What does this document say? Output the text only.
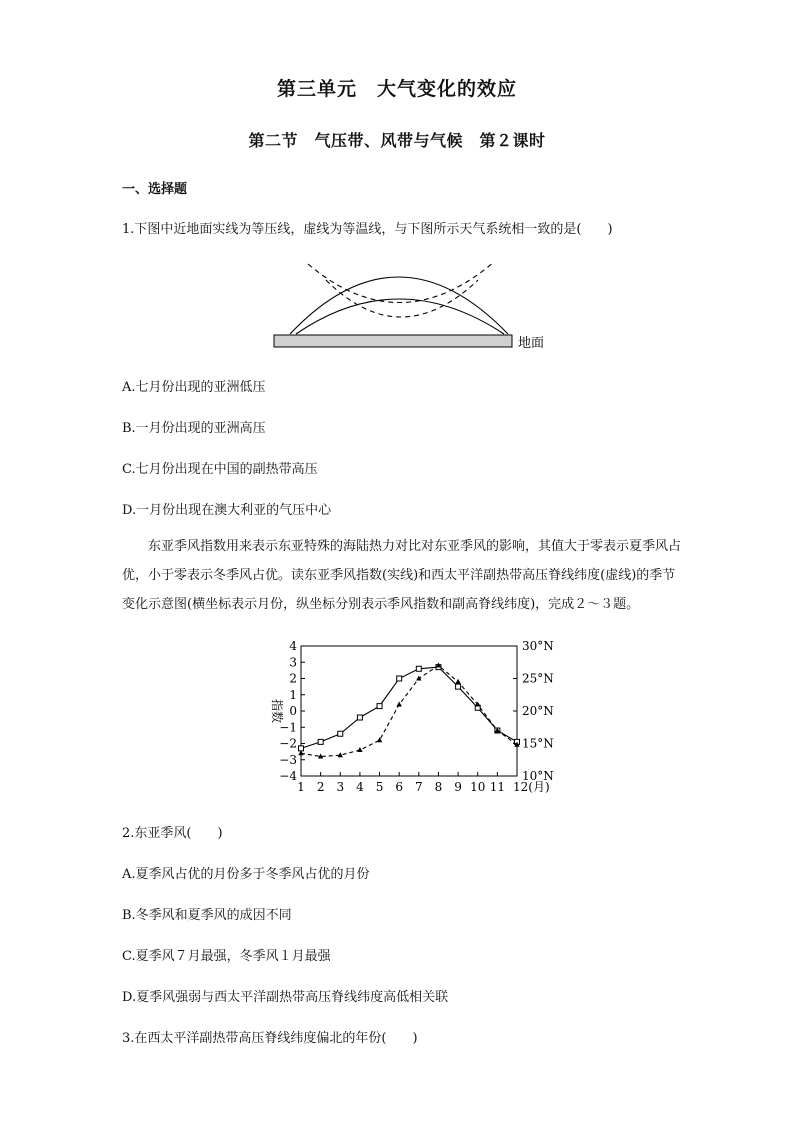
第三单元　大气变化的效应
第二节　气压带、风带与气候　第２课时
一、选择题
1.下图中近地面实线为等压线，虚线为等温线，与下图所示天气系统相一致的是(　　)
地面
A.七月份出现的亚洲低压
B.一月份出现的亚洲高压
C.七月份出现在中国的副热带高压
D.一月份出现在澳大利亚的气压中心
东亚季风指数用来表示东亚特殊的海陆热力对比对东亚季风的影响，其值大于零表示夏季风占优，小于零表示冬季风占优。读东亚季风指数(实线)和西太平洋副热带高压脊线纬度(虚线)的季节变化示意图(横坐标表示月份，纵坐标分别表示季风指数和副高脊线纬度)，完成２～３题。
4
3
2
1
0
−1
−2
−3
−4
30°N
25°N
20°N
15°N
10°N
1 2 3 4 5 6 7 8 9 10 11 12(月)
指数
2.东亚季风(　　)
A.夏季风占优的月份多于冬季风占优的月份
B.冬季风和夏季风的成因不同
C.夏季风７月最强，冬季风１月最强
D.夏季风强弱与西太平洋副热带高压脊线纬度高低相关联
3.在西太平洋副热带高压脊线纬度偏北的年份(　　)
